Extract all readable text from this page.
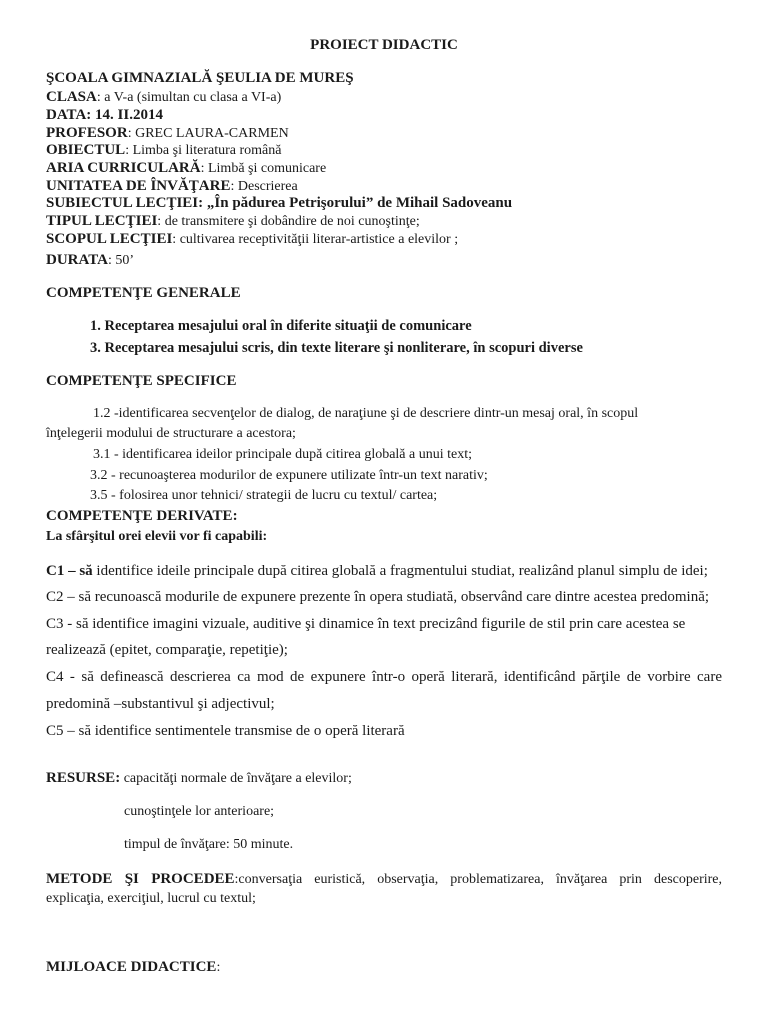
PROIECT DIDACTIC
ŞCOALA GIMNAZIALĂ ŞEULIA DE MUREŞ
CLASA: a V-a (simultan cu clasa a VI-a)
DATA: 14. II.2014
PROFESOR: GREC LAURA-CARMEN
OBIECTUL: Limba şi literatura română
ARIA CURRICULARĂ: Limbă şi comunicare
UNITATEA DE ÎNVĂŢARE: Descrierea
SUBIECTUL LECŢIEI: „În pădurea Petrişorului” de Mihail Sadoveanu
TIPUL LECŢIEI: de transmitere şi dobândire de noi cunoştinţe;
SCOPUL LECŢIEI: cultivarea receptivităţii literar-artistice a elevilor ;
DURATA: 50’
COMPETENŢE GENERALE
1. Receptarea mesajului oral în diferite situaţii de comunicare
3. Receptarea mesajului scris, din texte literare şi nonliterare, în scopuri diverse
COMPETENŢE SPECIFICE
1.2 -identificarea secvenţelor de dialog, de naraţiune şi de descriere dintr-un mesaj oral, în scopul
înţelegerii modului de structurare a acestora;
3.1 - identificarea ideilor principale după citirea globală a unui text;
3.2 - recunoaşterea modurilor de expunere utilizate într-un text narativ;
3.5 - folosirea unor tehnici/ strategii de lucru cu textul/ cartea;
COMPETENŢE DERIVATE:
La sfârşitul orei elevii vor fi capabili:
C1 – să identifice ideile principale după citirea globală a fragmentului studiat, realizând planul simplu de idei;
C2 – să recunoască modurile de expunere prezente în opera studiată, observând care dintre acestea predomină;
C3 - să identifice imagini vizuale, auditive şi dinamice în text precizând figurile de stil prin care acestea se
realizează (epitet, comparaţie, repetiţie);
C4 - să definească descrierea ca mod de expunere într-o operă literară, identificând părţile de vorbire care
predomină –substantivul şi adjectivul;
C5 – să identifice sentimentele transmise de o operă literară
RESURSE: capacităţi normale de învăţare a elevilor;
cunoştinţele lor anterioare;
timpul de învăţare: 50 minute.
METODE ŞI PROCEDEE:conversaţia euristică, observaţia, problematizarea, învăţarea prin descoperire,
explicaţia, exerciţiul, lucrul cu textul;
MIJLOACE DIDACTICE:
